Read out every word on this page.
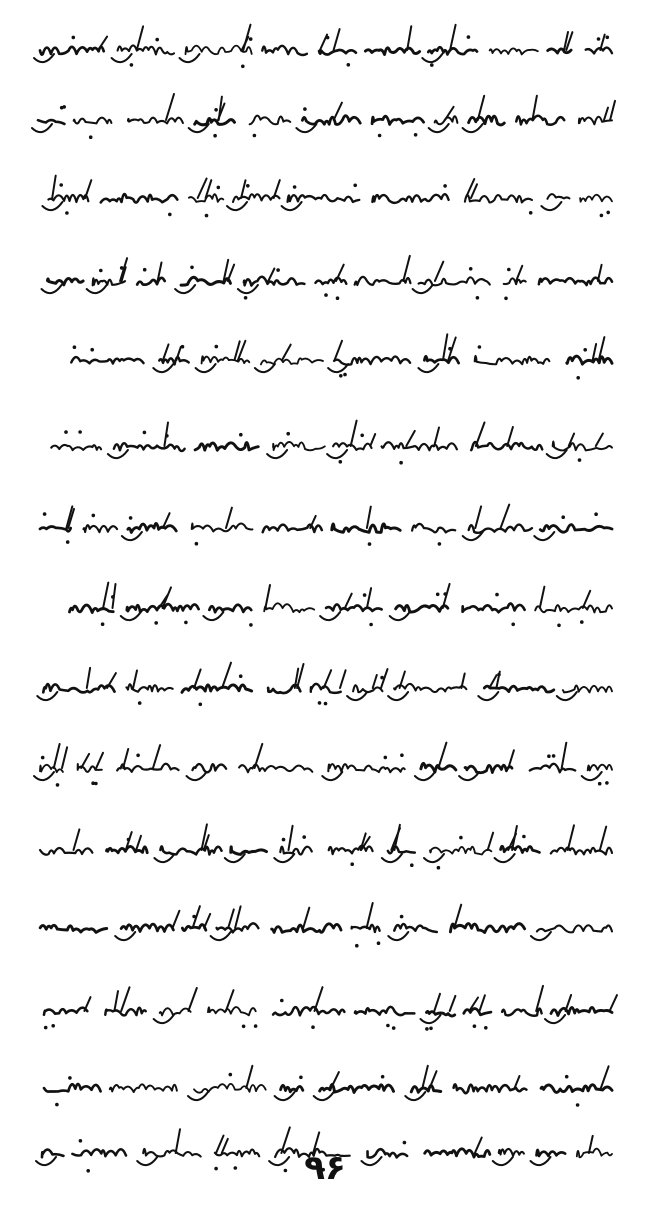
۹۶
